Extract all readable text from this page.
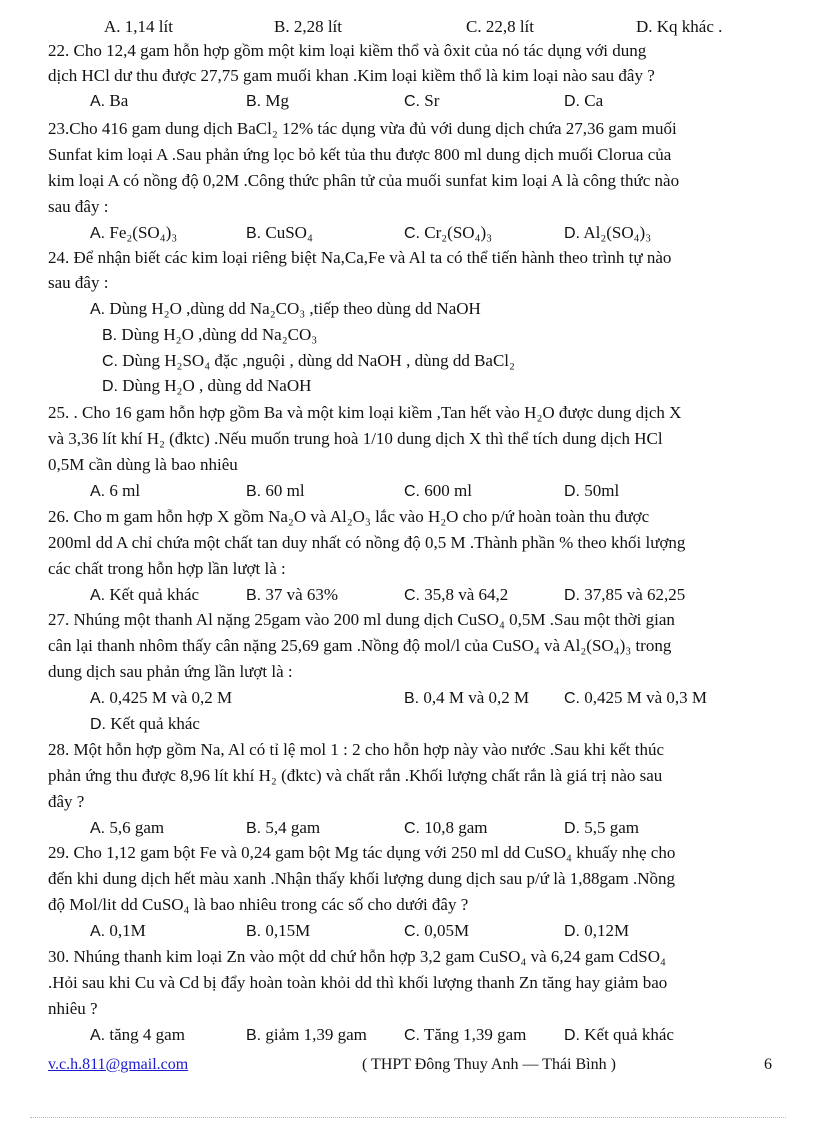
A. 1,14 lít	B. 2,28 lít	C. 22,8 lít	D. Kq khác .
22. Cho 12,4 gam hỗn hợp gồm một kim loại kiềm thổ và ôxit của nó tác dụng với dung
dịch HCl dư thu được 27,75 gam muối khan .Kim loại kiềm thổ là kim loại nào sau đây ?
A. Ba	B. Mg	C. Sr	D. Ca
23.Cho 416 gam dung dịch BaCl₂ 12% tác dụng vừa đủ với dung dịch chứa 27,36 gam muối
Sunfat kim loại A .Sau phản ứng lọc bỏ kết tủa thu được 800 ml dung dịch muối Clorua của
kim loại A có nồng độ 0,2M .Công thức phân tử của muối sunfat kim loại A là công thức nào
sau đây :
A. Fe₂(SO₄)₃	B. CuSO₄	C. Cr₂(SO₄)₃	D. Al₂(SO₄)₃
24. Để nhận biết các kim loại riêng biệt Na,Ca,Fe và Al ta có thể tiến hành theo trình tự nào
sau đây :
A. Dùng H₂O ,dùng dd Na₂CO₃ ,tiếp theo dùng dd NaOH
B. Dùng H₂O ,dùng dd Na₂CO₃
C. Dùng H₂SO₄ đặc ,nguội , dùng dd NaOH , dùng dd BaCl₂
D. Dùng H₂O , dùng dd NaOH
25. . Cho 16 gam hỗn hợp gồm Ba và một kim loại kiềm ,Tan hết vào H₂O được dung dịch X
và 3,36 lít khí H₂ (đktc) .Nếu muốn trung hoà 1/10 dung dịch X thì thể tích dung dịch HCl
0,5M cần dùng là bao nhiêu
A. 6 ml	B. 60 ml	C. 600 ml	D. 50ml
26. Cho m gam hỗn hợp X gồm Na₂O và Al₂O₃ lắc vào H₂O cho p/ứ hoàn toàn thu được
200ml dd A chỉ chứa một chất tan duy nhất có nồng độ 0,5 M .Thành phần % theo khối lượng
các chất trong hỗn hợp lần lượt là :
A. Kết quả khác	B. 37 và 63%	C. 35,8 và 64,2	D. 37,85 và 62,25
27. Nhúng một thanh Al nặng 25gam vào 200 ml dung dịch CuSO₄ 0,5M .Sau một thời gian
cân lại thanh nhôm thấy cân nặng 25,69 gam .Nồng độ mol/l của CuSO₄ và Al₂(SO₄)₃ trong
dung dịch sau phản ứng lần lượt là :
A. 0,425 M và 0,2 M	B. 0,4 M và 0,2 M C. 0,425 M và 0,3 M
D. Kết quả khác
28. Một hỗn hợp gồm Na, Al có tỉ lệ mol 1 : 2 cho hỗn hợp này vào nước .Sau khi kết thúc
phản ứng thu được 8,96 lít khí H₂ (đktc) và chất rắn .Khối lượng chất rắn là giá trị nào sau
đây ?
A. 5,6 gam	B. 5,4 gam	C. 10,8 gam	D. 5,5 gam
29. Cho 1,12 gam bột Fe và 0,24 gam bột Mg tác dụng với 250 ml dd CuSO₄ khuấy nhẹ cho
đến khi dung dịch hết màu xanh .Nhận thấy khối lượng dung dịch sau p/ứ là 1,88gam .Nồng
độ Mol/lit dd CuSO₄ là bao nhiêu trong các số cho dưới đây ?
A. 0,1M	B. 0,15M	C. 0,05M	D. 0,12M
30. Nhúng thanh kim loại Zn vào một dd chứ hỗn hợp 3,2 gam CuSO₄ và 6,24 gam CdSO₄
.Hỏi sau khi Cu và Cd bị đẩy hoàn toàn khỏi dd thì khối lượng thanh Zn tăng hay giảm bao
nhiêu ?
A. tăng 4 gam	B. giảm 1,39 gam C. Tăng 1,39 gam D. Kết quả khác
v.c.h.811@gmail.com	( THPT Đông Thuy Anh — Thái Bình )	6
